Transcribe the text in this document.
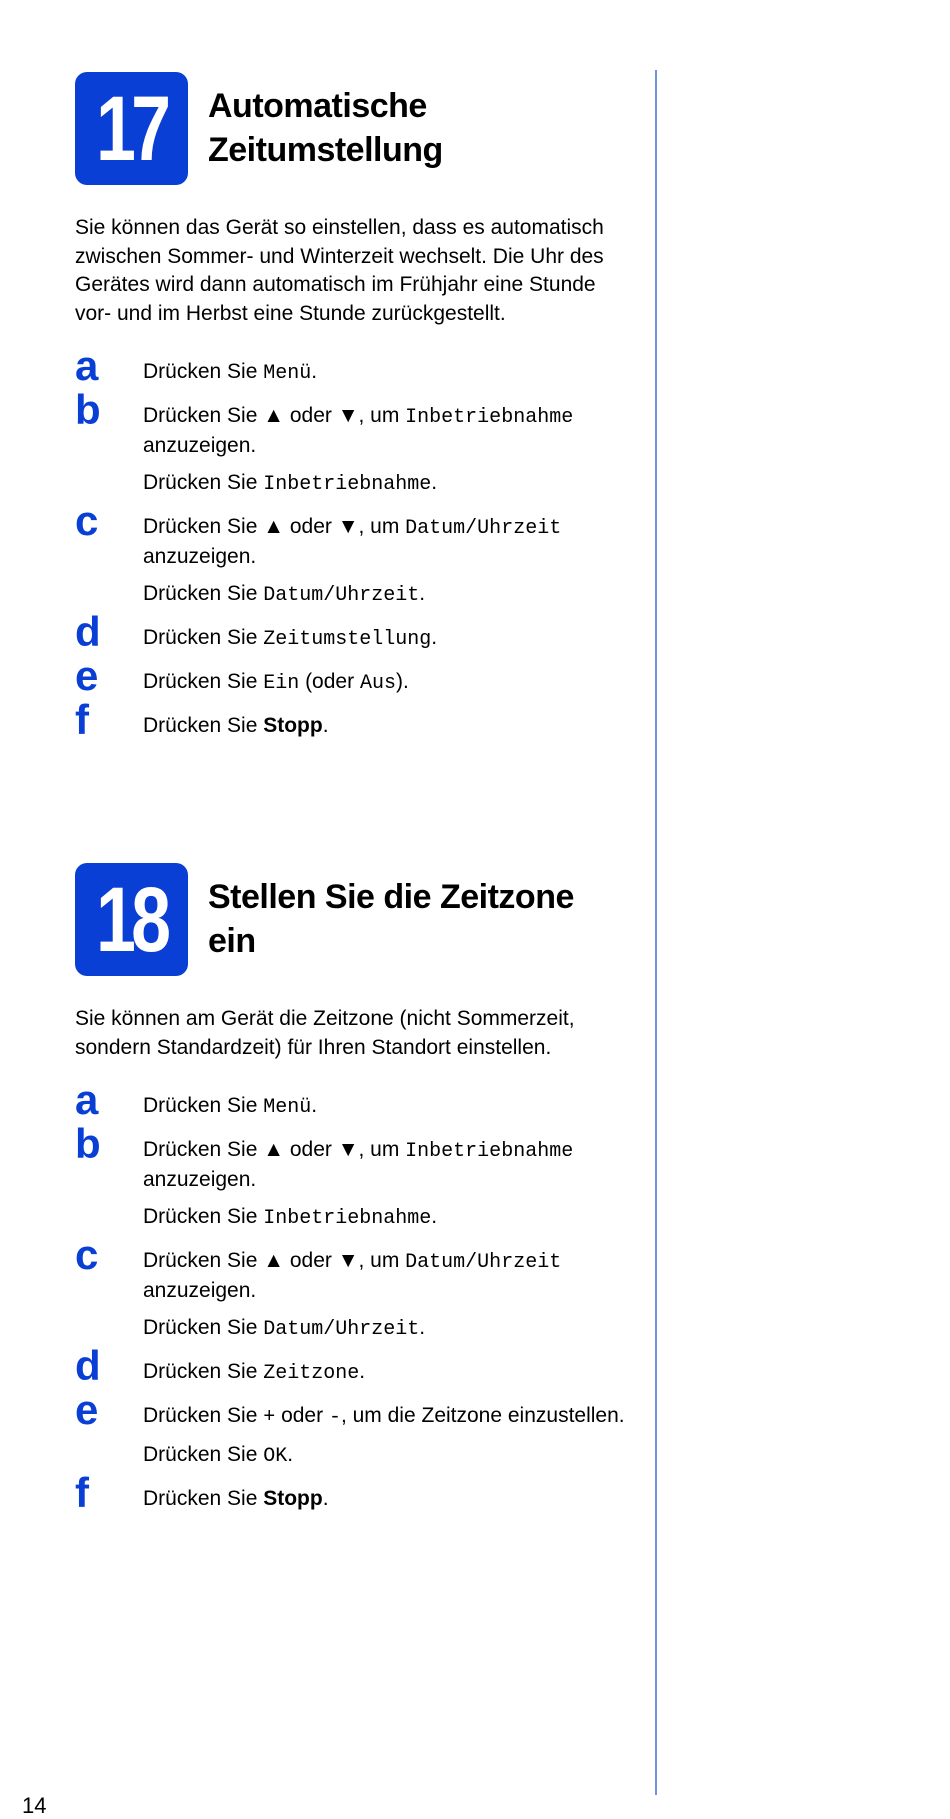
17 Automatische
Zeitumstellung

Sie können das Gerät so einstellen, dass es automatisch zwischen Sommer- und Winterzeit wechselt. Die Uhr des Gerätes wird dann automatisch im Frühjahr eine Stunde vor- und im Herbst eine Stunde zurückgestellt.

a Drücken Sie Menü.

b Drücken Sie ▲ oder ▼, um Inbetriebnahme anzuzeigen.

Drücken Sie Inbetriebnahme.

c Drücken Sie ▲ oder ▼, um Datum/Uhrzeit anzuzeigen.

Drücken Sie Datum/Uhrzeit.

d Drücken Sie Zeitumstellung.

e Drücken Sie Ein (oder Aus).

f	Drücken Sie Stopp.

18 Stellen Sie die Zeitzone
ein

Sie können am Gerät die Zeitzone (nicht Sommerzeit, sondern Standardzeit) für Ihren Standort einstellen.

a Drücken Sie Menü.

b Drücken Sie ▲ oder ▼, um Inbetriebnahme anzuzeigen.

Drücken Sie Inbetriebnahme.

c Drücken Sie ▲ oder ▼, um Datum/Uhrzeit anzuzeigen.

Drücken Sie Datum/Uhrzeit.

d Drücken Sie Zeitzone.

e Drücken Sie + oder -, um die Zeitzone einzustellen.

Drücken Sie OK.

f	Drücken Sie Stopp.

14
